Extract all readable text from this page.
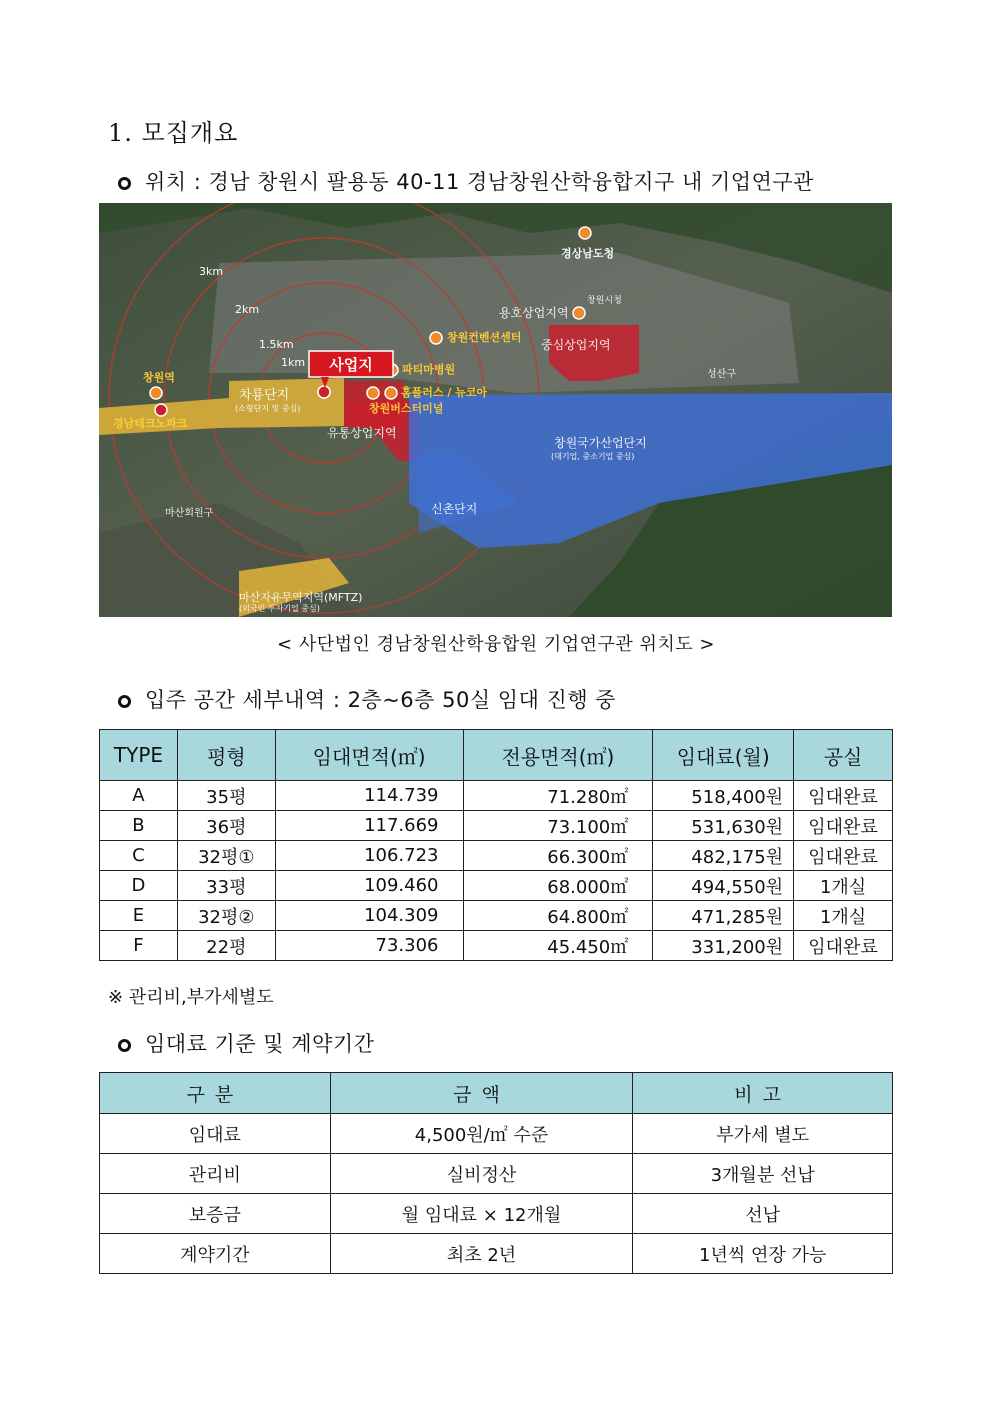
1. 모집개요
위치 : 경남 창원시 팔용동 40-11 경남창원산학융합지구 내 기업연구관
사업지
3km
2km
1.5km
1km
창원역
경남테크노파크
차룡단지
(소형단지 및 중심)
창원컨벤션센터
파티마병원
홈플러스 / 뉴코아
창원버스터미널
유통상업지역
중심상업지역
용호상업지역
경상남도청
창원시청
창원국가산업단지
(대기업, 중소기업 중심)
신촌단지
마산자유무역지역(MFTZ)
(외국인 투자기업 중심)
마산회원구
성산구
< 사단법인 경남창원산학융합원 기업연구관 위치도 >
입주 공간 세부내역 : 2층~6층 50실 임대 진행 중
TYPE	평형	임대면적(㎡)	전용면적(㎡)	임대료(월)	공실
A	35평	114.739	71.280㎡	518,400원	임대완료
B	36평	117.669	73.100㎡	531,630원	임대완료
C	32평①	106.723	66.300㎡	482,175원	임대완료
D	33평	109.460	68.000㎡	494,550원	1개실
E	32평②	104.309	64.800㎡	471,285원	1개실
F	22평	73.306	45.450㎡	331,200원	임대완료
※ 관리비,부가세별도
임대료 기준 및 계약기간
구분	금액	비고
임대료	4,500원/㎡ 수준	부가세 별도
관리비	실비정산	3개월분 선납
보증금	월 임대료 × 12개월	선납
계약기간	최초 2년	1년씩 연장 가능
